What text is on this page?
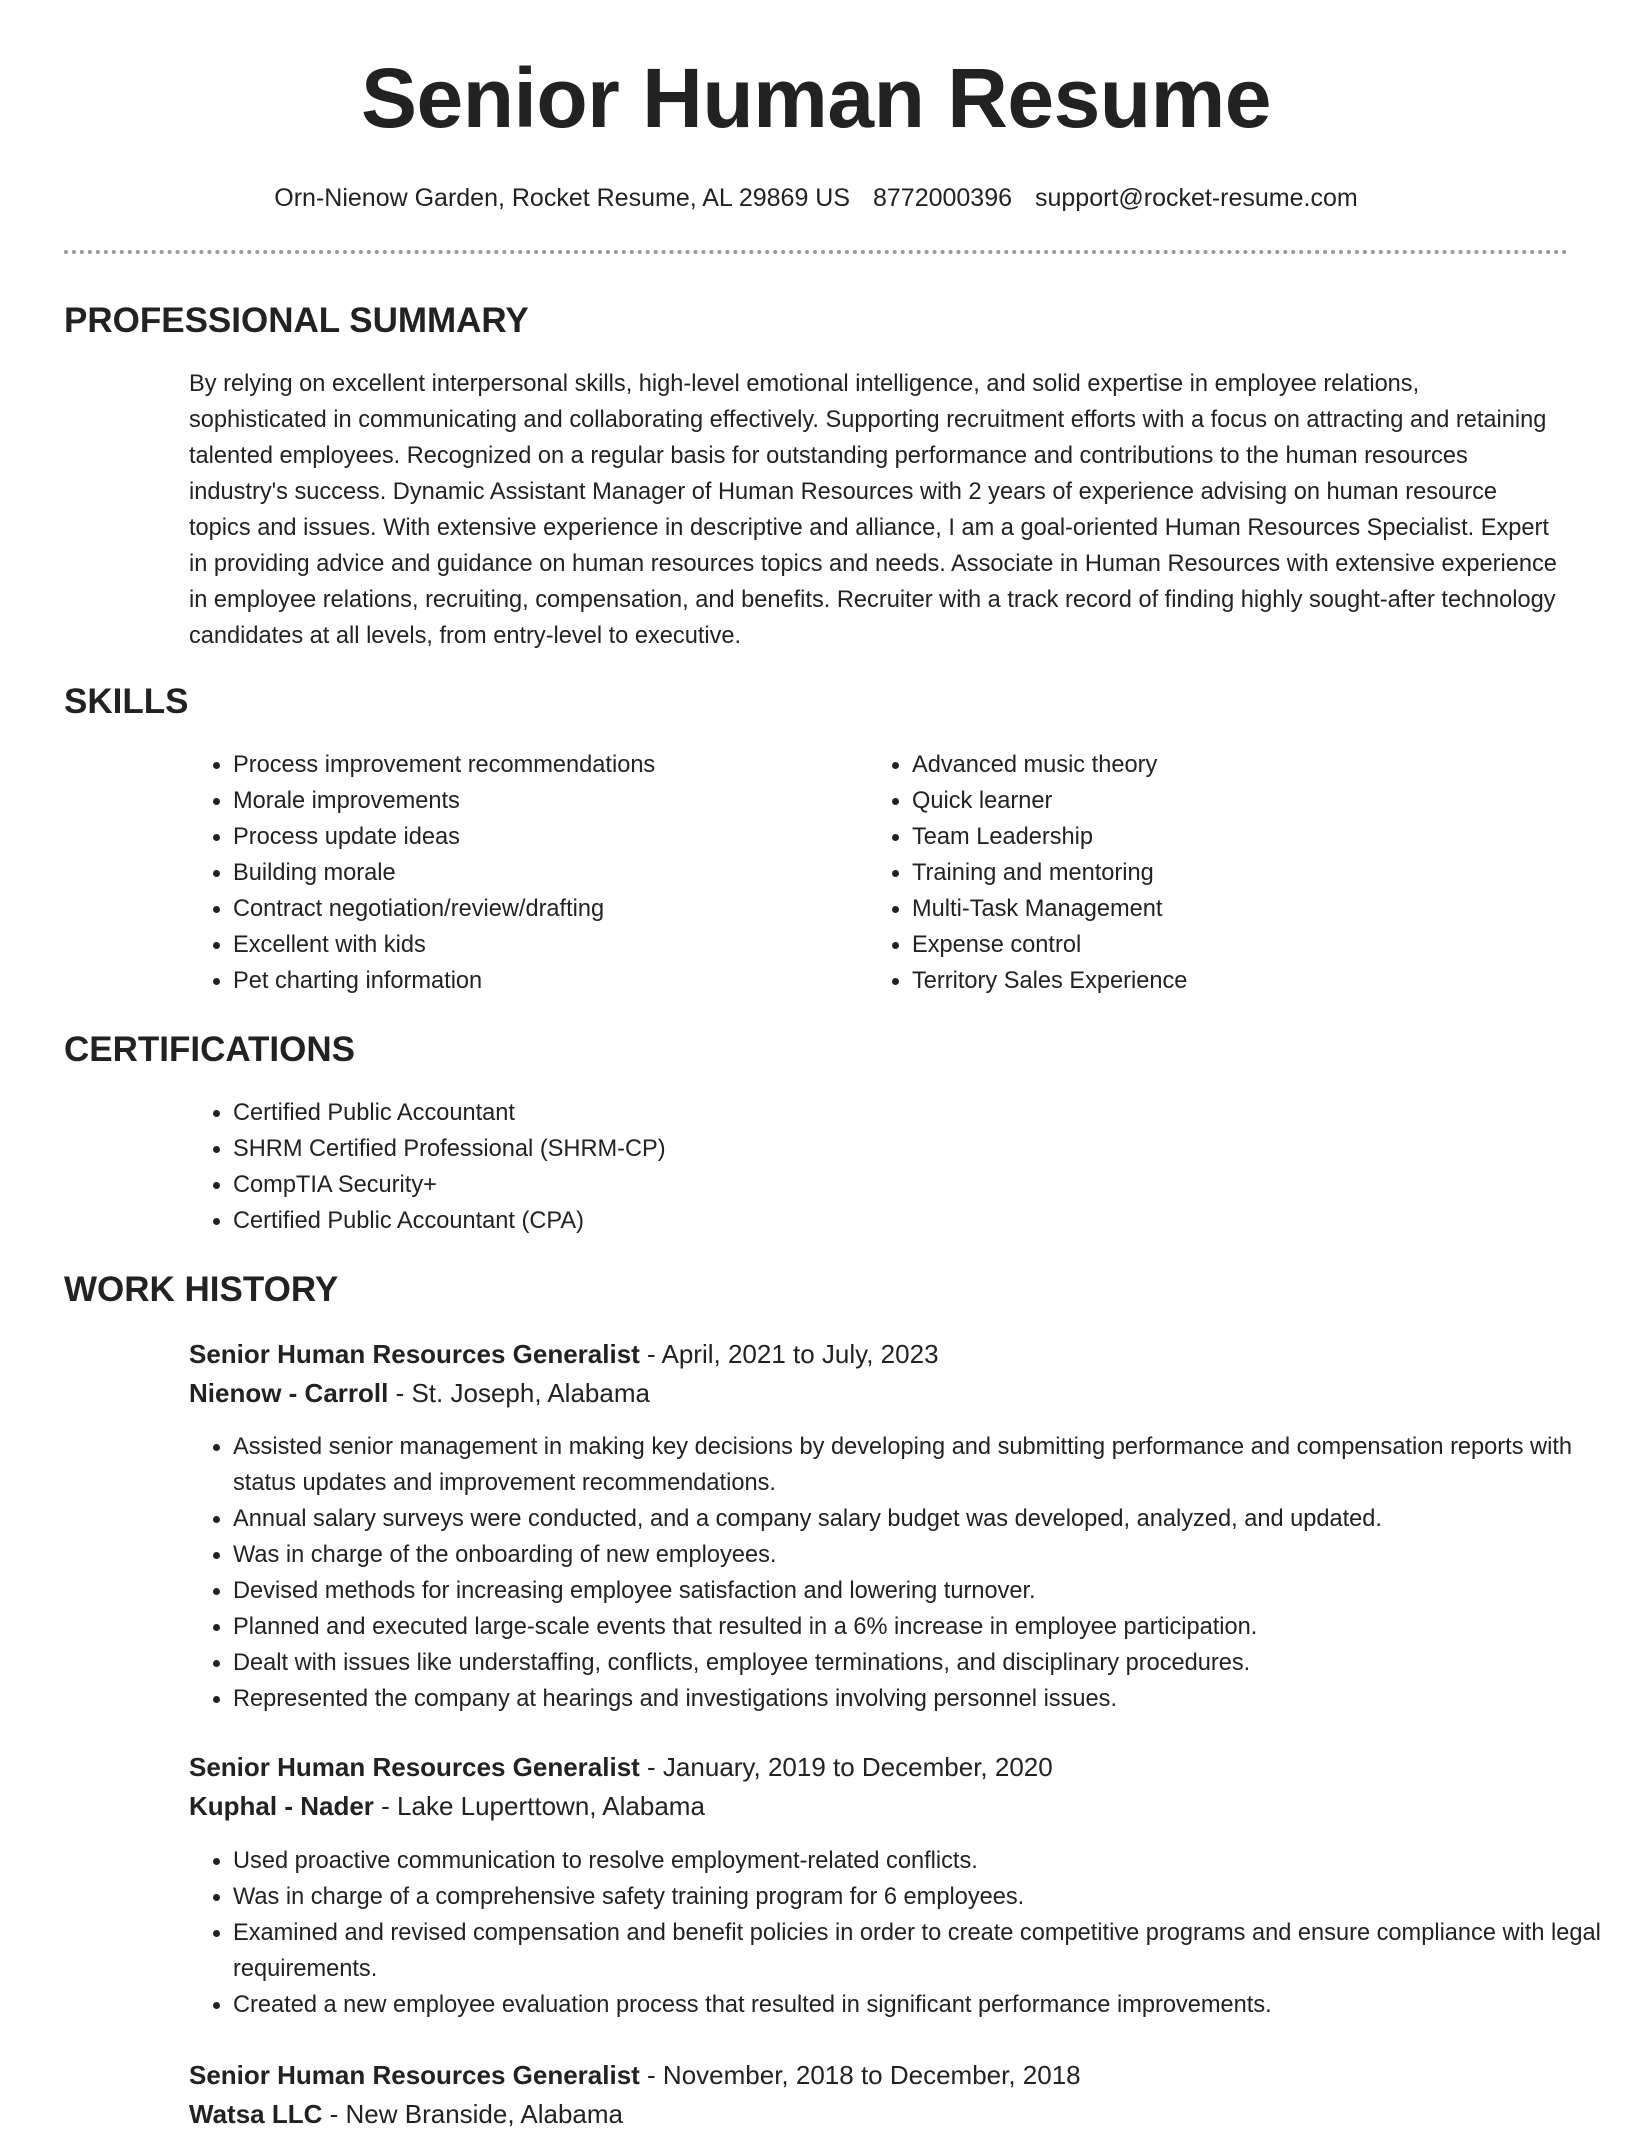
Senior Human Resume
Orn-Nienow Garden, Rocket Resume, AL 29869 US 8772000396 support@rocket-resume.com
PROFESSIONAL SUMMARY
By relying on excellent interpersonal skills, high-level emotional intelligence, and solid expertise in employee relations, sophisticated in communicating and collaborating effectively. Supporting recruitment efforts with a focus on attracting and retaining talented employees. Recognized on a regular basis for outstanding performance and contributions to the human resources industry's success. Dynamic Assistant Manager of Human Resources with 2 years of experience advising on human resource topics and issues. With extensive experience in descriptive and alliance, I am a goal-oriented Human Resources Specialist. Expert in providing advice and guidance on human resources topics and needs. Associate in Human Resources with extensive experience in employee relations, recruiting, compensation, and benefits. Recruiter with a track record of finding highly sought-after technology candidates at all levels, from entry-level to executive.
SKILLS
• Process improvement recommendations
• Morale improvements
• Process update ideas
• Building morale
• Contract negotiation/review/drafting
• Excellent with kids
• Pet charting information
• Advanced music theory
• Quick learner
• Team Leadership
• Training and mentoring
• Multi-Task Management
• Expense control
• Territory Sales Experience
CERTIFICATIONS
• Certified Public Accountant
• SHRM Certified Professional (SHRM-CP)
• CompTIA Security+
• Certified Public Accountant (CPA)
WORK HISTORY
Senior Human Resources Generalist - April, 2021 to July, 2023
Nienow - Carroll - St. Joseph, Alabama
• Assisted senior management in making key decisions by developing and submitting performance and compensation reports with status updates and improvement recommendations.
• Annual salary surveys were conducted, and a company salary budget was developed, analyzed, and updated.
• Was in charge of the onboarding of new employees.
• Devised methods for increasing employee satisfaction and lowering turnover.
• Planned and executed large-scale events that resulted in a 6% increase in employee participation.
• Dealt with issues like understaffing, conflicts, employee terminations, and disciplinary procedures.
• Represented the company at hearings and investigations involving personnel issues.
Senior Human Resources Generalist - January, 2019 to December, 2020
Kuphal - Nader - Lake Luperttown, Alabama
• Used proactive communication to resolve employment-related conflicts.
• Was in charge of a comprehensive safety training program for 6 employees.
• Examined and revised compensation and benefit policies in order to create competitive programs and ensure compliance with legal requirements.
• Created a new employee evaluation process that resulted in significant performance improvements.
Senior Human Resources Generalist - November, 2018 to December, 2018
Watsa LLC - New Branside, Alabama
